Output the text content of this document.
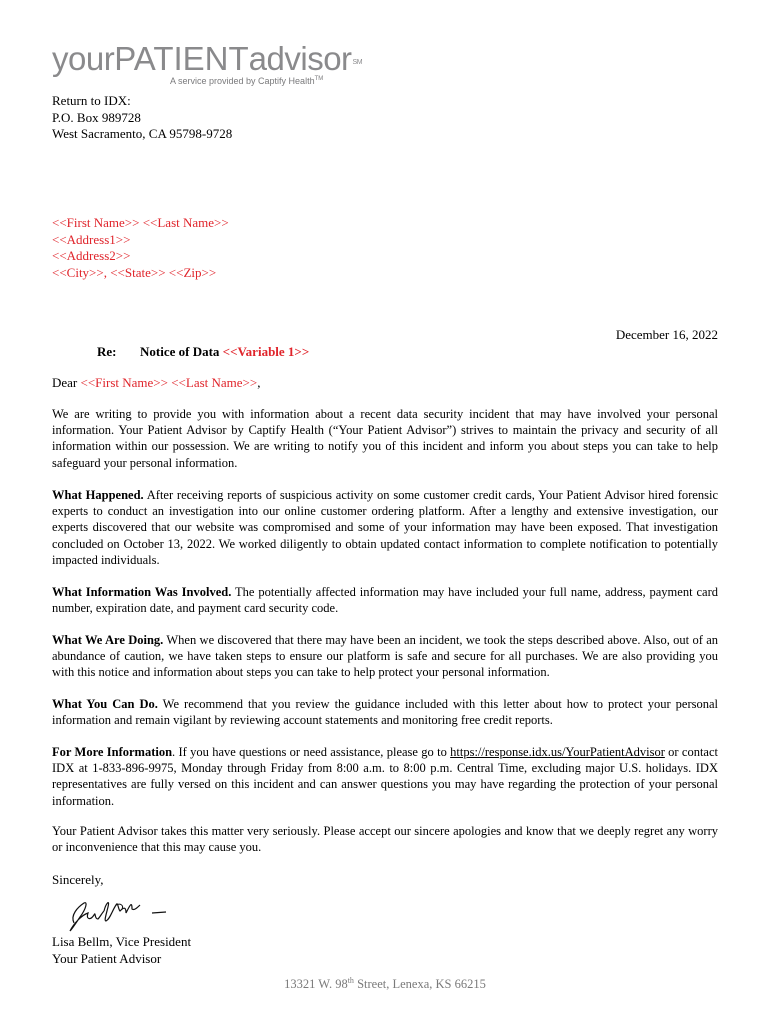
yourPATIENTadvisor℠
A service provided by Captify Health™
Return to IDX:
P.O. Box 989728
West Sacramento, CA 95798-9728
<<First Name>> <<Last Name>>
<<Address1>>
<<Address2>>
<<City>>, <<State>> <<Zip>>
December 16, 2022
Re: Notice of Data <<Variable 1>>
Dear <<First Name>> <<Last Name>>,
We are writing to provide you with information about a recent data security incident that may have involved your personal information. Your Patient Advisor by Captify Health (“Your Patient Advisor”) strives to maintain the privacy and security of all information within our possession. We are writing to notify you of this incident and inform you about steps you can take to help safeguard your personal information.
What Happened. After receiving reports of suspicious activity on some customer credit cards, Your Patient Advisor hired forensic experts to conduct an investigation into our online customer ordering platform. After a lengthy and extensive investigation, our experts discovered that our website was compromised and some of your information may have been exposed. That investigation concluded on October 13, 2022. We worked diligently to obtain updated contact information to complete notification to potentially impacted individuals.
What Information Was Involved. The potentially affected information may have included your full name, address, payment card number, expiration date, and payment card security code.
What We Are Doing. When we discovered that there may have been an incident, we took the steps described above. Also, out of an abundance of caution, we have taken steps to ensure our platform is safe and secure for all purchases. We are also providing you with this notice and information about steps you can take to help protect your personal information.
What You Can Do. We recommend that you review the guidance included with this letter about how to protect your personal information and remain vigilant by reviewing account statements and monitoring free credit reports.
For More Information. If you have questions or need assistance, please go to https://response.idx.us/YourPatientAdvisor or contact IDX at 1-833-896-9975, Monday through Friday from 8:00 a.m. to 8:00 p.m. Central Time, excluding major U.S. holidays. IDX representatives are fully versed on this incident and can answer questions you may have regarding the protection of your personal information.
Your Patient Advisor takes this matter very seriously. Please accept our sincere apologies and know that we deeply regret any worry or inconvenience that this may cause you.
Sincerely,
Lisa Bellm, Vice President
Your Patient Advisor
13321 W. 98th Street, Lenexa, KS 66215
